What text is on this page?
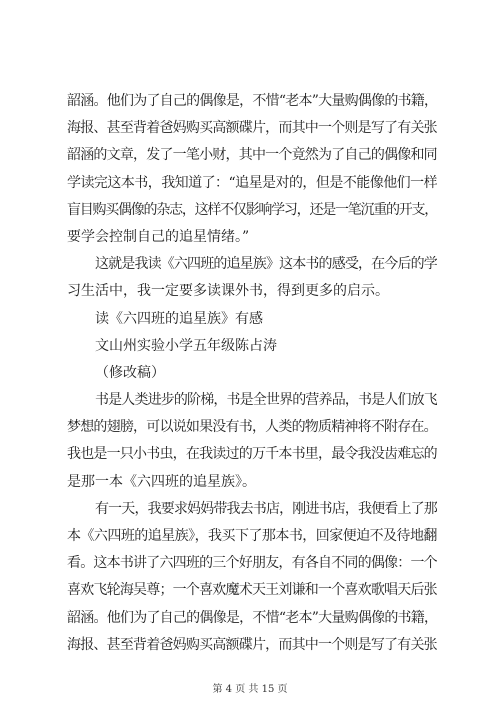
韶涵。他们为了自己的偶像是，不惜“老本”大量购偶像的书籍，
海报、甚至背着爸妈购买高额碟片，而其中一个则是写了有关张
韶涵的文章，发了一笔小财，其中一个竟然为了自己的偶像和同
学读完这本书，我知道了：“追星是对的，但是不能像他们一样
盲目购买偶像的杂志，这样不仅影响学习，还是一笔沉重的开支，
要学会控制自己的追星情绪。”
这就是我读《六四班的追星族》这本书的感受，在今后的学
习生活中，我一定要多读课外书，得到更多的启示。
读《六四班的追星族》有感
文山州实验小学五年级陈占涛
（修改稿）
书是人类进步的阶梯，书是全世界的营养品，书是人们放飞
梦想的翅膀，可以说如果没有书，人类的物质精神将不附存在。
我也是一只小书虫，在我读过的万千本书里，最令我没齿难忘的
是那一本《六四班的追星族》。
有一天，我要求妈妈带我去书店，刚进书店，我便看上了那
本《六四班的追星族》，我买下了那本书，回家便迫不及待地翻
看。这本书讲了六四班的三个好朋友，有各自不同的偶像：一个
喜欢飞轮海吴尊；一个喜欢魔术天王刘谦和一个喜欢歌唱天后张
韶涵。他们为了自己的偶像是，不惜“老本”大量购偶像的书籍，
海报、甚至背着爸妈购买高额碟片，而其中一个则是写了有关张
第 4 页 共 15 页
